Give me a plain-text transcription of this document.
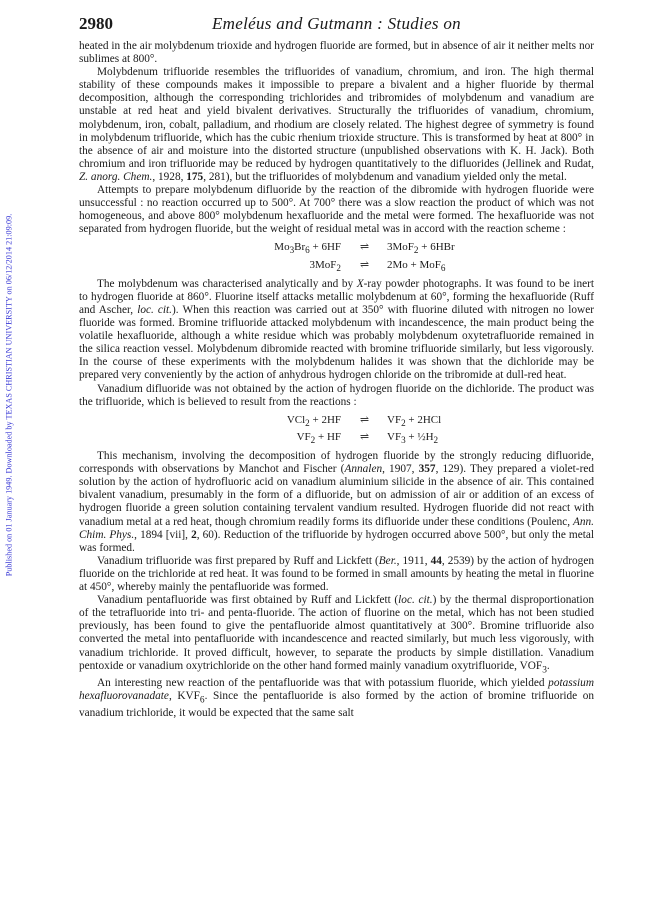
Published on 01 January 1949. Downloaded by TEXAS CHRISTIAN UNIVERSITY on 06/12/2014 21:09:09.
2980	Emeléus and Gutmann : Studies on

heated in the air molybdenum trioxide and hydrogen fluoride are formed, but in absence of air it neither melts nor sublimes at 800°.

Molybdenum trifluoride resembles the trifluorides of vanadium, chromium, and iron. The high thermal stability of these compounds makes it impossible to prepare a bivalent and a higher fluoride by thermal decomposition, although the corresponding trichlorides and tribromides of molybdenum and vanadium are unstable at red heat and yield bivalent derivatives. Structurally the trifluorides of vanadium, chromium, molybdenum, iron, cobalt, palladium, and rhodium are closely related. The highest degree of symmetry is found in molybdenum trifluoride, which has the cubic rhenium trioxide structure. This is transformed by heat at 800° in the absence of air and moisture into the distorted structure (unpublished observations with K. H. Jack). Both chromium and iron trifluoride may be reduced by hydrogen quantitatively to the difluorides (Jellinek and Rudat, Z. anorg. Chem., 1928, 175, 281), but the trifluorides of molybdenum and vanadium yielded only the metal.

Attempts to prepare molybdenum difluoride by the reaction of the dibromide with hydrogen fluoride were unsuccessful : no reaction occurred up to 500°. At 700° there was a slow reaction the product of which was not homogeneous, and above 800° molybdenum hexafluoride and the metal were formed. The hexafluoride was not separated from hydrogen fluoride, but the weight of residual metal was in accord with the reaction scheme :

$Mo_3Br_6 + 6HF$	⇌	3MoF$_2$ + 6HBr
3MoF$_2$	⇌	2Mo + MoF$_6$

The molybdenum was characterised analytically and by X-ray powder photographs. It was found to be inert to hydrogen fluoride at 860°. Fluorine itself attacks metallic molybdenum at 60°, forming the hexafluoride (Ruff and Ascher, loc. cit.). When this reaction was carried out at 350° with fluorine diluted with nitrogen no lower fluoride was formed. Bromine trifluoride attacked molybdenum with incandescence, the main product being the volatile hexafluoride, although a white residue which was probably molybdenum oxytetrafluoride remained in the silica reaction vessel. Molybdenum dibromide reacted with bromine trifluoride similarly, but less vigorously. In the course of these experiments with the molybdenum halides it was shown that the dichloride may be prepared very conveniently by the action of anhydrous hydrogen chloride on the tribromide at dull-red heat.

Vanadium difluoride was not obtained by the action of hydrogen fluoride on the dichloride. The product was the trifluoride, which is believed to result from the reactions :

VCl$_2$ + 2HF	⇌	$VF_2 + 2HCl$
$VF_2$ + HF	⇌	$VF_3$ + $\frac{1}{2}H_2$

This mechanism, involving the decomposition of hydrogen fluoride by the strongly reducing difluoride, corresponds with observations by Manchot and Fischer (Annalen, 1907, 357, 129). They prepared a violet-red solution by the action of hydrofluoric acid on vanadium aluminium silicide in the absence of air. This contained bivalent vanadium, presumably in the form of a difluoride, but on admission of air or addition of an excess of hydrogen fluoride a green solution containing tervalent vandium resulted. Hydrogen fluoride did not react with vanadium metal at a red heat, though chromium readily forms its difluoride under these conditions (Poulenc, Ann. Chim. Phys., 1894 [vii], 2, 60). Reduction of the trifluoride by hydrogen occurred above 500°, but only the metal was formed.

Vanadium trifluoride was first prepared by Ruff and Lickfett (Ber., 1911, 44, 2539) by the action of hydrogen fluoride on the trichloride at red heat. It was found to be formed in small amounts by heating the metal in fluorine at 450°, whereby mainly the pentafluoride was formed.

Vanadium pentafluoride was first obtained by Ruff and Lickfett (loc. cit.) by the thermal disproportionation of the tetrafluoride into tri- and penta-fluoride. The action of fluorine on the metal, which has not been studied previously, has been found to give the pentafluoride almost quantitatively at 300°. Bromine trifluoride also converted the metal into pentafluoride with incandescence and reacted similarly, but much less vigorously, with vanadium trichloride. It proved difficult, however, to separate the products by simple distillation. Vanadium pentoxide or vanadium oxytrichloride on the other hand formed mainly vanadium oxytrifluoride, $VOF_3$.

An interesting new reaction of the pentafluoride was that with potassium fluoride, which yielded potassium hexafluorovanadate, $KVF_6$. Since the pentafluoride is also formed by the action of bromine trifluoride on vanadium trichloride, it would be expected that the same salt
